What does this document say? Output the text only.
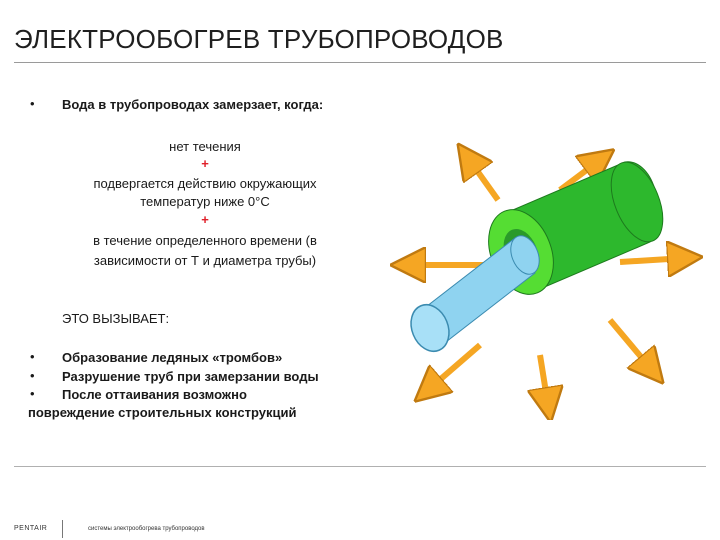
ЭЛЕКТРООБОГРЕВ ТРУБОПРОВОДОВ
• Вода в трубопроводах замерзает, когда:
нет течения
+
подвергается действию окружающих
температур ниже 0°C
+
в течение определенного времени (в
зависимости от Т и диаметра трубы)
ЭТО ВЫЗЫВАЕТ:
• Образование ледяных «тромбов»
• Разрушение труб при замерзании воды
• После оттаивания возможно
повреждение строительных конструкций
PENTAIR	системы электрообогрева трубопроводов
